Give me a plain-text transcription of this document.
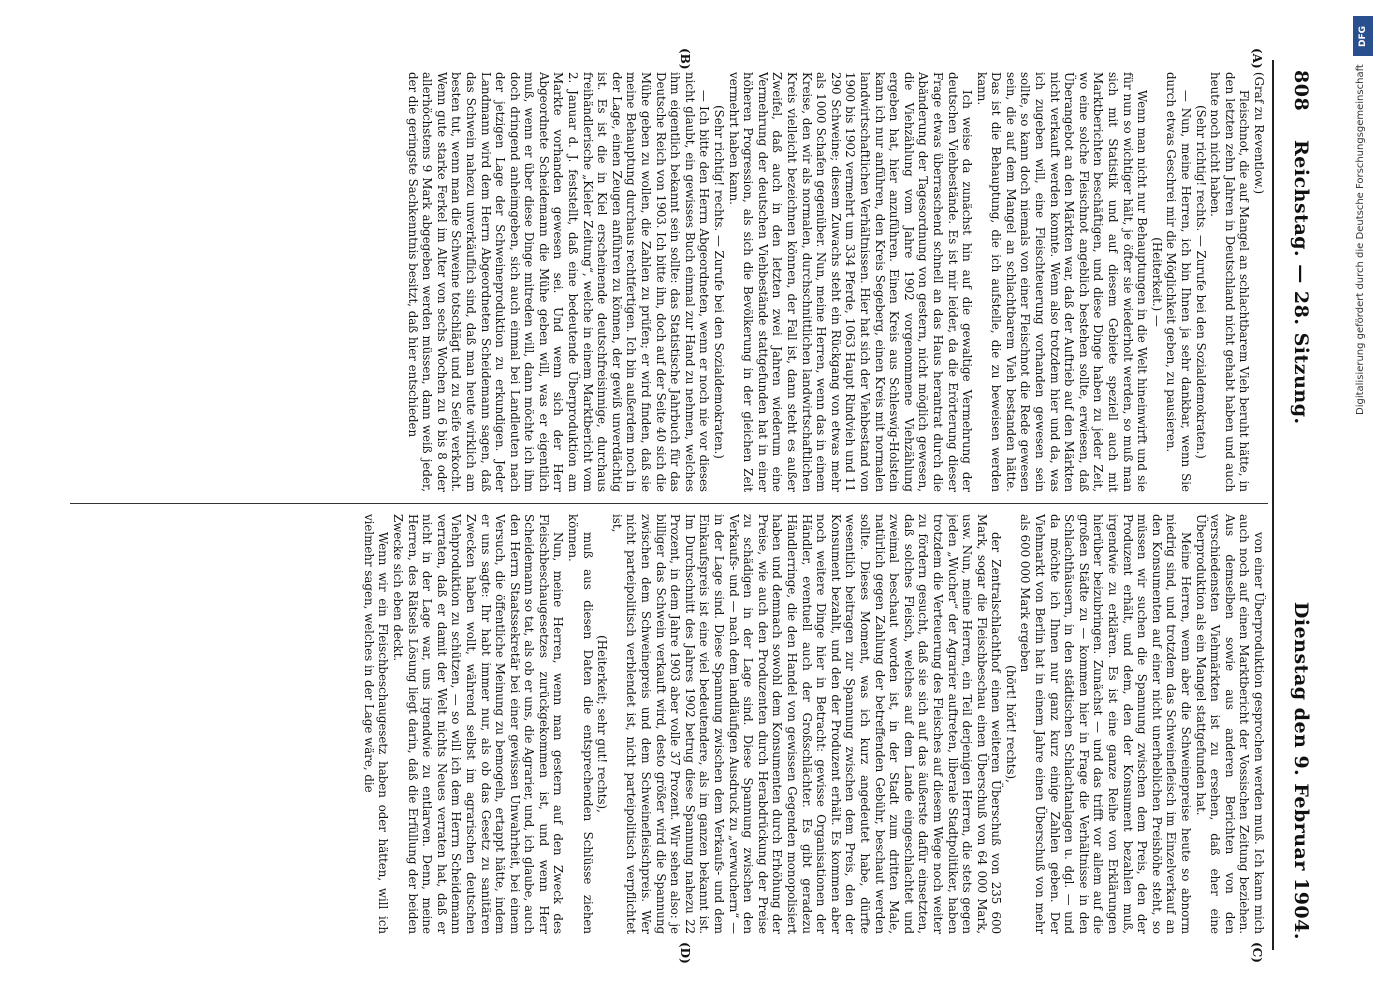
808
Reichstag. — 28. Sitzung.
Dienstag den 9. Februar 1904.
(A)
(B)
(C)
(D)

(Graf zu Reventlow.)

Fleischnot, die auf Mangel an schlachtbarem Vieh beruht hätte, in den letzten zehn Jahren in Deutschland nicht gehabt haben und auch heute noch nicht haben.

(Sehr richtig! rechts. — Zurufe bei den Sozialdemokraten.)

— Nun, meine Herren, ich bin Ihnen ja sehr dankbar, wenn Sie durch etwas Geschrei mir die Möglichkeit geben, zu pausieren.

(Heiterkeit.) —

Wenn man nicht nur Behauptungen in die Welt hineinwirft und sie für nun so wichtiger hält, je öfter sie wiederholt werden, so muß man sich mit Statistik und auf diesem Gebiete speziell auch mit Marktberichten beschäftigen, und diese Dinge haben zu jeder Zeit, wo eine solche Fleischnot angeblich bestehen sollte, erwiesen, daß Überangebot an den Märkten war, daß der Auftrieb auf den Märkten nicht verkauft werden konnte. Wenn also trotzdem hier und da, was ich zugeben will, eine Fleischteuerung vorhanden gewesen sein sollte, so kann doch niemals von einer Fleischnot die Rede gewesen sein, die auf dem Mangel an schlachtbarem Vieh bestanden hätte. Das ist die Behauptung, die ich aufstelle, die zu beweisen werden kann.

Ich weise da zunächst hin auf die gewaltige Vermehrung der deutschen Viehbestände. Es ist mir leider, da die Erörterung dieser Frage etwas überraschend schnell an das Haus herantrat durch die Abänderung der Tagesordnung von gestern, nicht möglich gewesen, die Viehzählung vom Jahre 1902 vorgenommene Viehzählung ergeben hat, hier anzuführen. Einen Kreis aus Schleswig-Holstein kann ich nur anführen, den Kreis Segeberg, einen Kreis mit normalen landwirtschaftlichen Verhältnissen. Hier hat sich der Viehbestand von 1900 bis 1902 vermehrt um 334 Pferde, 1063 Haupt Rindvieh und 11 290 Schweine; diesem Zuwachs steht ein Rückgang von etwas mehr als 1000 Schafen gegenüber. Nun, meine Herren, wenn das in einem Kreise, den wir als normalen, durchschnittlichen landwirtschaftlichen Kreis vielleicht bezeichnen können, der Fall ist, dann steht es außer Zweifel, daß auch in den letzten zwei Jahren wiederum eine Vermehrung der deutschen Viehbestände stattgefunden hat in einer höheren Progression, als sich die Bevölkerung in der gleichen Zeit vermehrt haben kann.

(Sehr richtig! rechts. — Zurufe bei den Sozialdemokraten.)

— Ich bitte den Herrn Abgeordneten, wenn er noch nie vor dieses nicht glaubt, ein gewisses Buch einmal zur Hand zu nehmen, welches ihm eigentlich bekannt sein sollte: das Statistische Jahrbuch für das Deutsche Reich von 1903. Ich bitte ihn, doch auf der Seite 40 sich die Mühe geben zu wollen, die Zahlen zu prüfen; er wird finden, daß sie meine Behauptung durchaus rechtfertigen. Ich bin außerdem noch in der Lage, einen Zeugen anführen zu können, der gewiß unverdächtig ist. Es ist die in Kiel erscheinende deutschfreisinnige, durchaus freihändlerische „Kieler Zeitung“, welche in einem Marktbericht vom 2. Januar d. J. feststellt, daß eine bedeutende Überproduktion am Markte vorhanden gewesen sei. Und wenn sich der Herr Abgeordnete Scheidemann die Mühe geben will, was er eigentlich muß, wenn er über diese Dinge mitreden will, dann möchte ich ihm doch dringend anheimgeben, sich auch einmal bei Landleuten nach der jetzigen Lage der Schweineproduktion zu erkundigen. Jeder Landmann wird dem Herrn Abgeordneten Scheidemann sagen, daß das Schwein nahezu unverkäuflich sind, daß man heute wirklich am besten tut, wenn man die Schweine totschlägt und zu Seife verkocht. Wenn gute starke Ferkel im Alter von sechs Wochen zu 6 bis 8 oder allerhöchstens 9 Mark abgegeben werden müssen, dann weiß jeder, der die geringste Sachkenntnis besitzt, daß hier entschieden

von einer Überproduktion gesprochen werden muß. Ich kann mich auch noch auf einen Marktbericht der Vossischen Zeitung beziehen. Aus demselben sowie aus anderen Berichten von den verschiedensten Viehmärkten ist zu ersehen, daß eher eine Überproduktion als ein Mangel stattgefunden hat.

Meine Herren, wenn aber die Schweinepreise heute so abnorm niedrig sind, und trotzdem das Schweinefleisch im Einzelverkauf an den Konsumenten auf einer nicht unerheblichen Preishöhe steht, so müssen wir suchen die Spannung zwischen dem Preis, den der Produzent erhält, und dem, den der Konsument bezahlen muß, irgendwie zu erklären. Es ist eine ganze Reihe von Erklärungen hierüber beizubringen. Zunächst — und das trifft vor allem auf die großen Städte zu — kommen hier in Frage die Verhältnisse in den Schlachthäusern, in den städtischen Schlachtanlagen u. dgl. — und da möchte ich Ihnen nur ganz kurz einige Zahlen geben. Der Viehmarkt von Berlin hat in einem Jahre einen Überschuß von mehr als 600 000 Mark ergeben

(hört! hört! rechts),

der Zentralschlachthof einen weiteren Überschuß von 235 600 Mark, sogar die Fleischbeschau einen Überschuß von 64 000 Mark, usw. Nun, meine Herren, ein Teil derjenigen Herren, die stets gegen jeden „Wucher“ der Agrarier auftreten, liberale Stadtpolitiker, haben trotzdem die Verteuerung des Fleisches auf diesem Wege noch weiter zu fördern gesucht, daß sie sich auf das äußerste dafür einsetzten, daß solches Fleisch, welches auf dem Lande eingeschlachtet und zweimal beschaut worden ist, in der Stadt zum dritten Male, natürlich gegen Zahlung der betreffenden Gebühr, beschaut werden sollte. Dieses Moment, was ich kurz angedeutet habe, dürfte wesentlich beitragen zur Spannung zwischen dem Preis, den der Konsument bezahlt, und den der Produzent erhält. Es kommen aber noch weitere Dinge hier in Betracht: gewisse Organisationen der Händler, eventuell auch der Großschlächter. Es gibt geradezu Händlerringe, die den Handel von gewissen Gegenden monopolisiert haben und demnach sowohl dem Konsumenten durch Erhöhung der Preise, wie auch den Produzenten durch Herabdrückung der Preise zu schädigen in der Lage sind. Diese Spannung zwischen den Verkaufs- und — nach dem landläufigen Ausdruck zu „verwuchern“ — in der Lage sind. Diese Spannung zwischen dem Verkaufs- und dem Einkaufspreis ist eine viel bedeutendere, als im ganzen bekannt ist. Im Durchschnitt des Jahres 1902 betrug diese Spannung nahezu 22 Prozent, in dem Jahre 1903 aber volle 37 Prozent. Wir sehen also: je billiger das Schwein verkauft wird, desto größer wird die Spannung zwischen dem Schweinepreis und dem Schweinefleischpreis. Wer nicht parteipolitisch verblendet ist, nicht parteipolitisch verpflichtet ist,

(Heiterkeit; sehr gut! rechts),

muß aus diesen Daten die entsprechenden Schlüsse ziehen können.

Nun, meine Herren, wenn man gestern auf den Zweck des Fleischbeschaugesetzes zurückgekommen ist, und wenn Herr Scheidemann so tat, als ob er uns, die Agrarier, und, ich glaube, auch den Herrn Staatssekretär bei einer gewissen Unwahrheit, bei einem Versuch, die öffentliche Meinung zu bemogeln, ertappt hätte, indem er uns sagte: Ihr habt immer nur, als ob das Gesetz zu sanitären Zwecken haben wollt, während selbst im agrarischen deutschen Viehproduktion zu schützen, — so will ich dem Herrn Scheidemann verraten, daß er damit der Welt nichts Neues verraten hat, daß er nicht in der Lage war, uns irgendwie zu entlarven. Denn, meine Herren, des Rätsels Lösung liegt darin, daß die Erfüllung der beiden Zwecke sich eben deckt.

Wenn wir ein Fleischbeschaugesetz haben oder hätten, will ich vielmehr sagen, welches in der Lage wäre, die

DFG
Digitalisierung gefördert durch die Deutsche Forschungsgemeinschaft
